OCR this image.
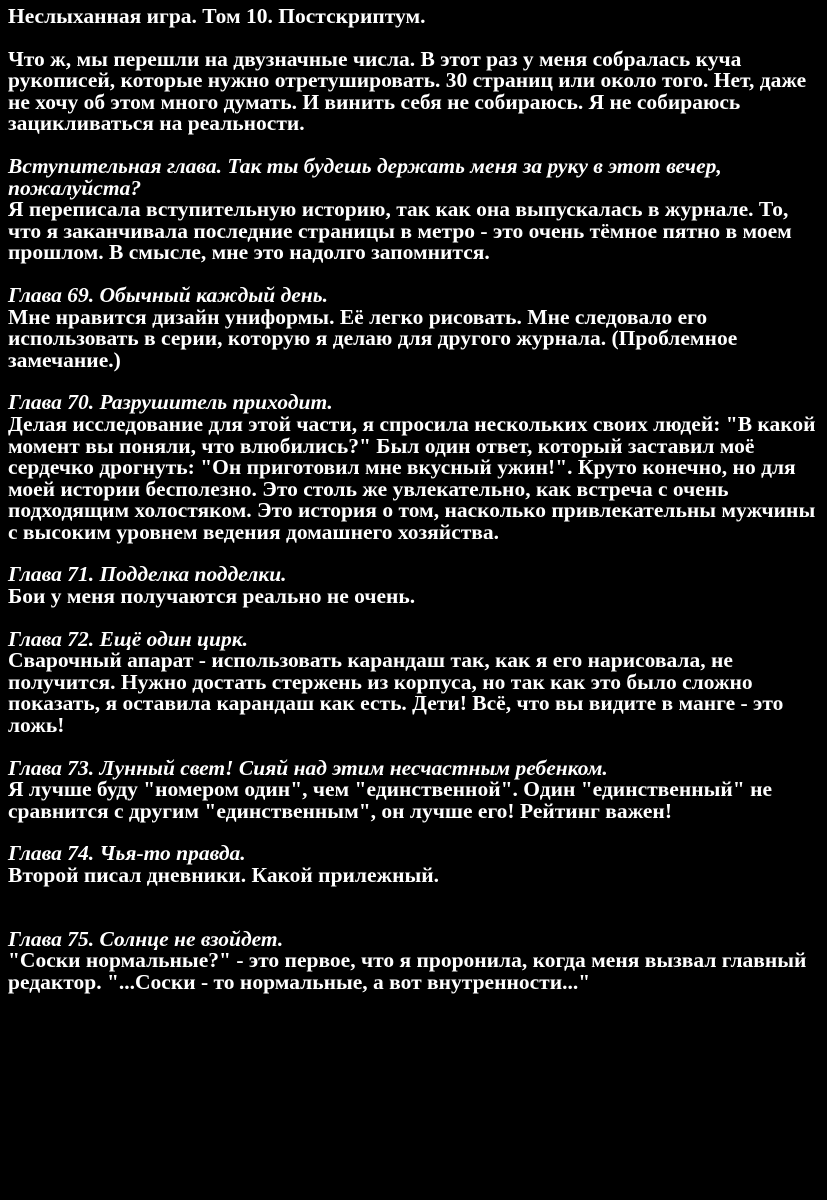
Неслыханная игра. Том 10. Постскриптум.

Что ж, мы перешли на двузначные числа. В этот раз у меня собралась куча рукописей, которые нужно отретушировать. 30 страниц или около того. Нет, даже не хочу об этом много думать. И винить себя не собираюсь. Я не собираюсь зацикливаться на реальности.

Вступительная глава. Так ты будешь держать меня за руку в этот вечер, пожалуйста?
Я переписала вступительную историю, так как она выпускалась в журнале. То, что я заканчивала последние страницы в метро - это очень тёмное пятно в моем прошлом. В смысле, мне это надолго запомнится.
Глава 69. Обычный каждый день.
Мне нравится дизайн униформы. Её легко рисовать. Мне следовало его использовать в серии, которую я делаю для другого журнала. (Проблемное замечание.)
Глава 70. Разрушитель приходит.
Делая исследование для этой части, я спросила нескольких своих людей: "В какой момент вы поняли, что влюбились?" Был один ответ, который заставил моё сердечко дрогнуть: "Он приготовил мне вкусный ужин!". Круто конечно, но для моей истории бесполезно. Это столь же увлекательно, как встреча с очень подходящим холостяком. Это история о том, насколько привлекательны мужчины с высоким уровнем ведения домашнего хозяйства.
Глава 71. Подделка подделки.
Бои у меня получаются реально не очень.
Глава 72. Ещё один цирк.
Сварочный апарат - использовать карандаш так, как я его нарисовала, не получится. Нужно достать стержень из корпуса, но так как это было сложно показать, я оставила карандаш как есть. Дети! Всё, что вы видите в манге - это ложь!
Глава 73. Лунный свет! Сияй над этим несчастным ребенком.
Я лучше буду "номером один", чем "единственной". Один "единственный" не сравнится с другим "единственным", он лучше его! Рейтинг важен!
Глава 74. Чья-то правда.
Второй писал дневники. Какой прилежный.
Глава 75. Солнце не взойдет.
"Соски нормальные?" - это первое, что я проронила, когда меня вызвал главный редактор. "...Соски - то нормальные, а вот внутренности..."
